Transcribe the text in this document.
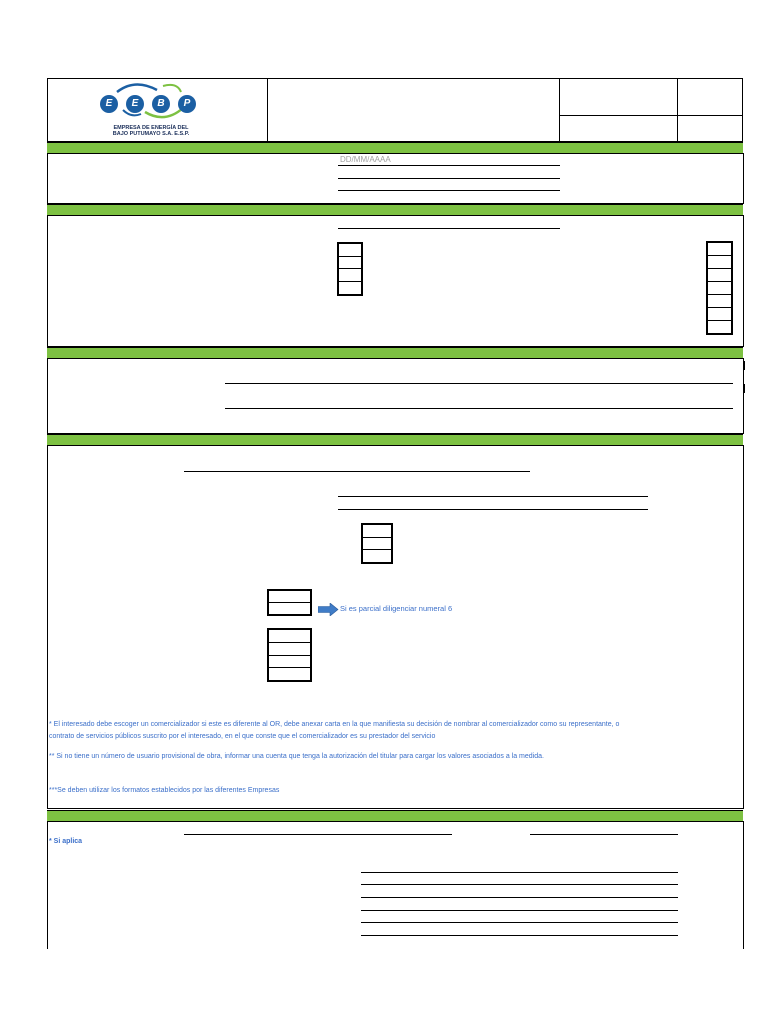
E	E	B	P
EMPRESA DE ENERGÍA DEL
BAJO PUTUMAYO S.A. E.S.P.
DD/MM/AAAA
Si es parcial diligenciar numeral 6
* El interesado debe escoger un comercializador si este es diferente al OR, debe anexar carta en la que manifiesta su decisión de nombrar al comercializador como su representante, o
contrato de servicios públicos suscrito por el interesado, en el que conste que el comercializador es su prestador del servicio
** Si no tiene un número de usuario provisional de obra, informar una cuenta que tenga la autorización del titular para cargar los valores asociados a la medida.
***Se deben utilizar los formatos establecidos por las diferentes Empresas
* Si aplica
